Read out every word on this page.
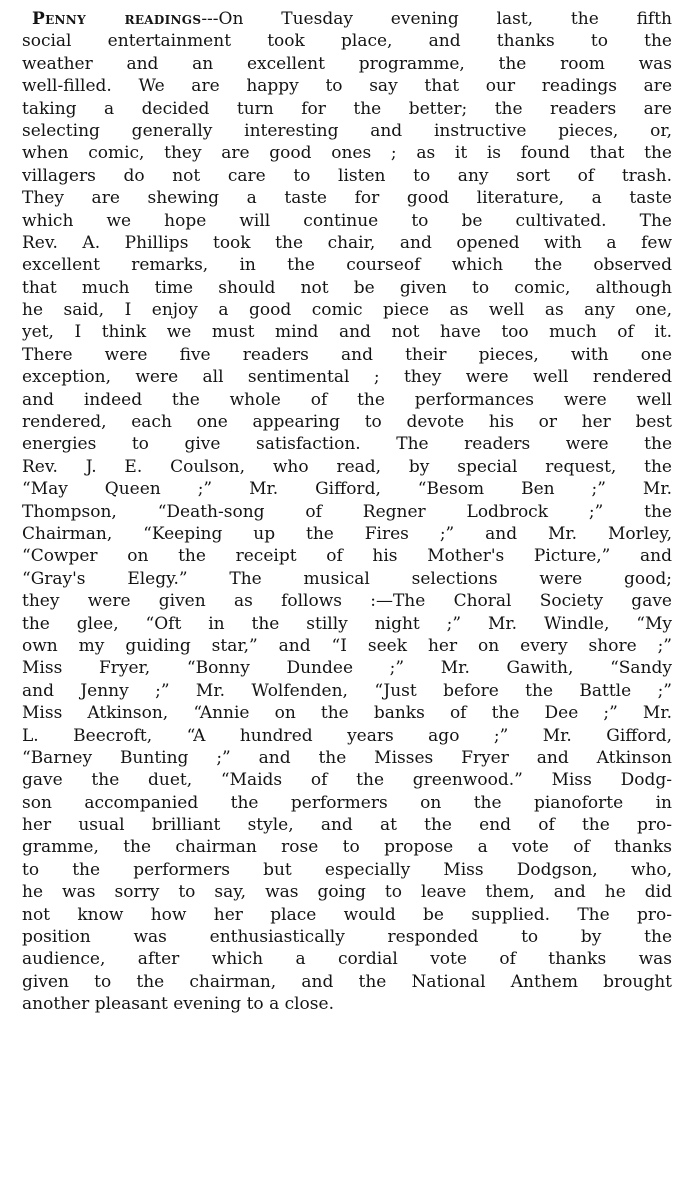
Penny readings---On Tuesday evening last, the fifth
social entertainment took place, and thanks to the
weather and an excellent programme, the room was
well-filled. We are happy to say that our readings are
taking a decided turn for the better; the readers are
selecting generally interesting and instructive pieces, or,
when comic, they are good ones ; as it is found that the
villagers do not care to listen to any sort of trash.
They are shewing a taste for good literature, a taste
which we hope will continue to be cultivated. The
Rev. A. Phillips took the chair, and opened with a few
excellent remarks, in the courseof which the observed
that much time should not be given to comic, although
he said, I enjoy a good comic piece as well as any one,
yet, I think we must mind and not have too much of it.
There were five readers and their pieces, with one
exception, were all sentimental ; they were well rendered
and indeed the whole of the performances were well
rendered, each one appearing to devote his or her best
energies to give satisfaction. The readers were the
Rev. J. E. Coulson, who read, by special request, the
“May Queen ;” Mr. Gifford, “Besom Ben ;” Mr.
Thompson, “Death-song of Regner Lodbrock ;” the
Chairman, “Keeping up the Fires ;” and Mr. Morley,
“Cowper on the receipt of his Mother's Picture,” and
“Gray's Elegy.” The musical selections were good;
they were given as follows :—The Choral Society gave
the glee, “Oft in the stilly night ;” Mr. Windle, “My
own my guiding star,” and “I seek her on every shore ;”
Miss Fryer, “Bonny Dundee ;” Mr. Gawith, “Sandy
and Jenny ;” Mr. Wolfenden, “Just before the Battle ;”
Miss Atkinson, “Annie on the banks of the Dee ;” Mr.
L. Beecroft, “A hundred years ago ;” Mr. Gifford,
“Barney Bunting ;” and the Misses Fryer and Atkinson
gave the duet, “Maids of the greenwood.” Miss Dodg-
son accompanied the performers on the pianoforte in
her usual brilliant style, and at the end of the pro-
gramme, the chairman rose to propose a vote of thanks
to the performers but especially Miss Dodgson, who,
he was sorry to say, was going to leave them, and he did
not know how her place would be supplied. The pro-
position was enthusiastically responded to by the
audience, after which a cordial vote of thanks was
given to the chairman, and the National Anthem brought
another pleasant evening to a close.
